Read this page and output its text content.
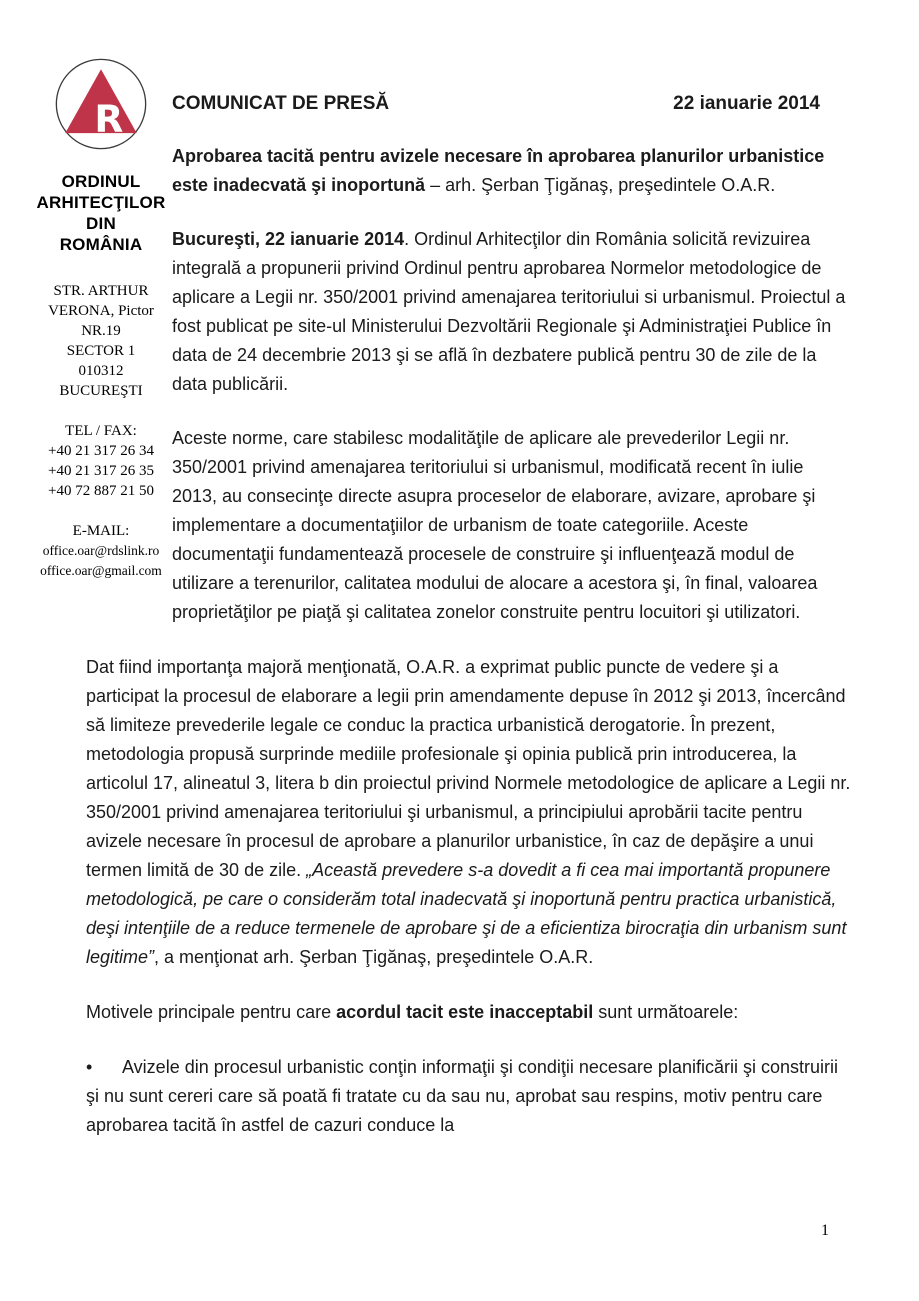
R
ORDINUL
ARHITECŢILOR
DIN
ROMÂNIA
STR. ARTHUR
VERONA, Pictor
NR.19
SECTOR 1
010312
BUCUREŞTI
TEL / FAX:
+40 21 317 26 34
+40 21 317 26 35
+40 72 887 21 50
E-MAIL:
office.oar@rdslink.ro
office.oar@gmail.com
COMUNICAT DE PRESĂ	22 ianuarie 2014

Aprobarea tacită pentru avizele necesare în aprobarea planurilor urbanistice este inadecvată şi inoportună – arh. Şerban Ţigănaş, preşedintele O.A.R.

Bucureşti, 22 ianuarie 2014. Ordinul Arhitecţilor din România solicită revizuirea integrală a propunerii privind Ordinul pentru aprobarea Normelor metodologice de aplicare a Legii nr. 350/2001 privind amenajarea teritoriului si urbanismul. Proiectul a fost publicat pe site-ul Ministerului Dezvoltării Regionale şi Administraţiei Publice în data de 24 decembrie 2013 şi se află în dezbatere publică pentru 30 de zile de la data publicării.

Aceste norme, care stabilesc modalităţile de aplicare ale prevederilor Legii nr. 350/2001 privind amenajarea teritoriului si urbanismul, modificată recent în iulie 2013, au consecinţe directe asupra proceselor de elaborare, avizare, aprobare şi implementare a documentaţiilor de urbanism de toate categoriile. Aceste documentaţii fundamentează procesele de construire şi influenţează modul de utilizare a terenurilor, calitatea modului de alocare a acestora şi, în final, valoarea proprietăţilor pe piaţă şi calitatea zonelor construite pentru locuitori şi utilizatori.

Dat fiind importanţa majoră menţionată, O.A.R. a exprimat public puncte de vedere şi a participat la procesul de elaborare a legii prin amendamente depuse în 2012 şi 2013, încercând să limiteze prevederile legale ce conduc la practica urbanistică derogatorie. În prezent, metodologia propusă surprinde mediile profesionale şi opinia publică prin introducerea, la articolul 17, alineatul 3, litera b din proiectul privind Normele metodologice de aplicare a Legii nr. 350/2001 privind amenajarea teritoriului şi urbanismul, a principiului aprobării tacite pentru avizele necesare în procesul de aprobare a planurilor urbanistice, în caz de depăşire a unui termen limită de 30 de zile. „Această prevedere s-a dovedit a fi cea mai importantă propunere metodologică, pe care o considerăm total inadecvată şi inoportună pentru practica urbanistică, deşi intenţiile de a reduce termenele de aprobare şi de a eficientiza birocraţia din urbanism sunt legitime”, a menţionat arh. Şerban Ţigănaş, preşedintele O.A.R.

Motivele principale pentru care acordul tacit este inacceptabil sunt următoarele:

• Avizele din procesul urbanistic conţin informaţii şi condiţii necesare planificării şi construirii şi nu sunt cereri care să poată fi tratate cu da sau nu, aprobat sau respins, motiv pentru care aprobarea tacită în astfel de cazuri conduce la

1
